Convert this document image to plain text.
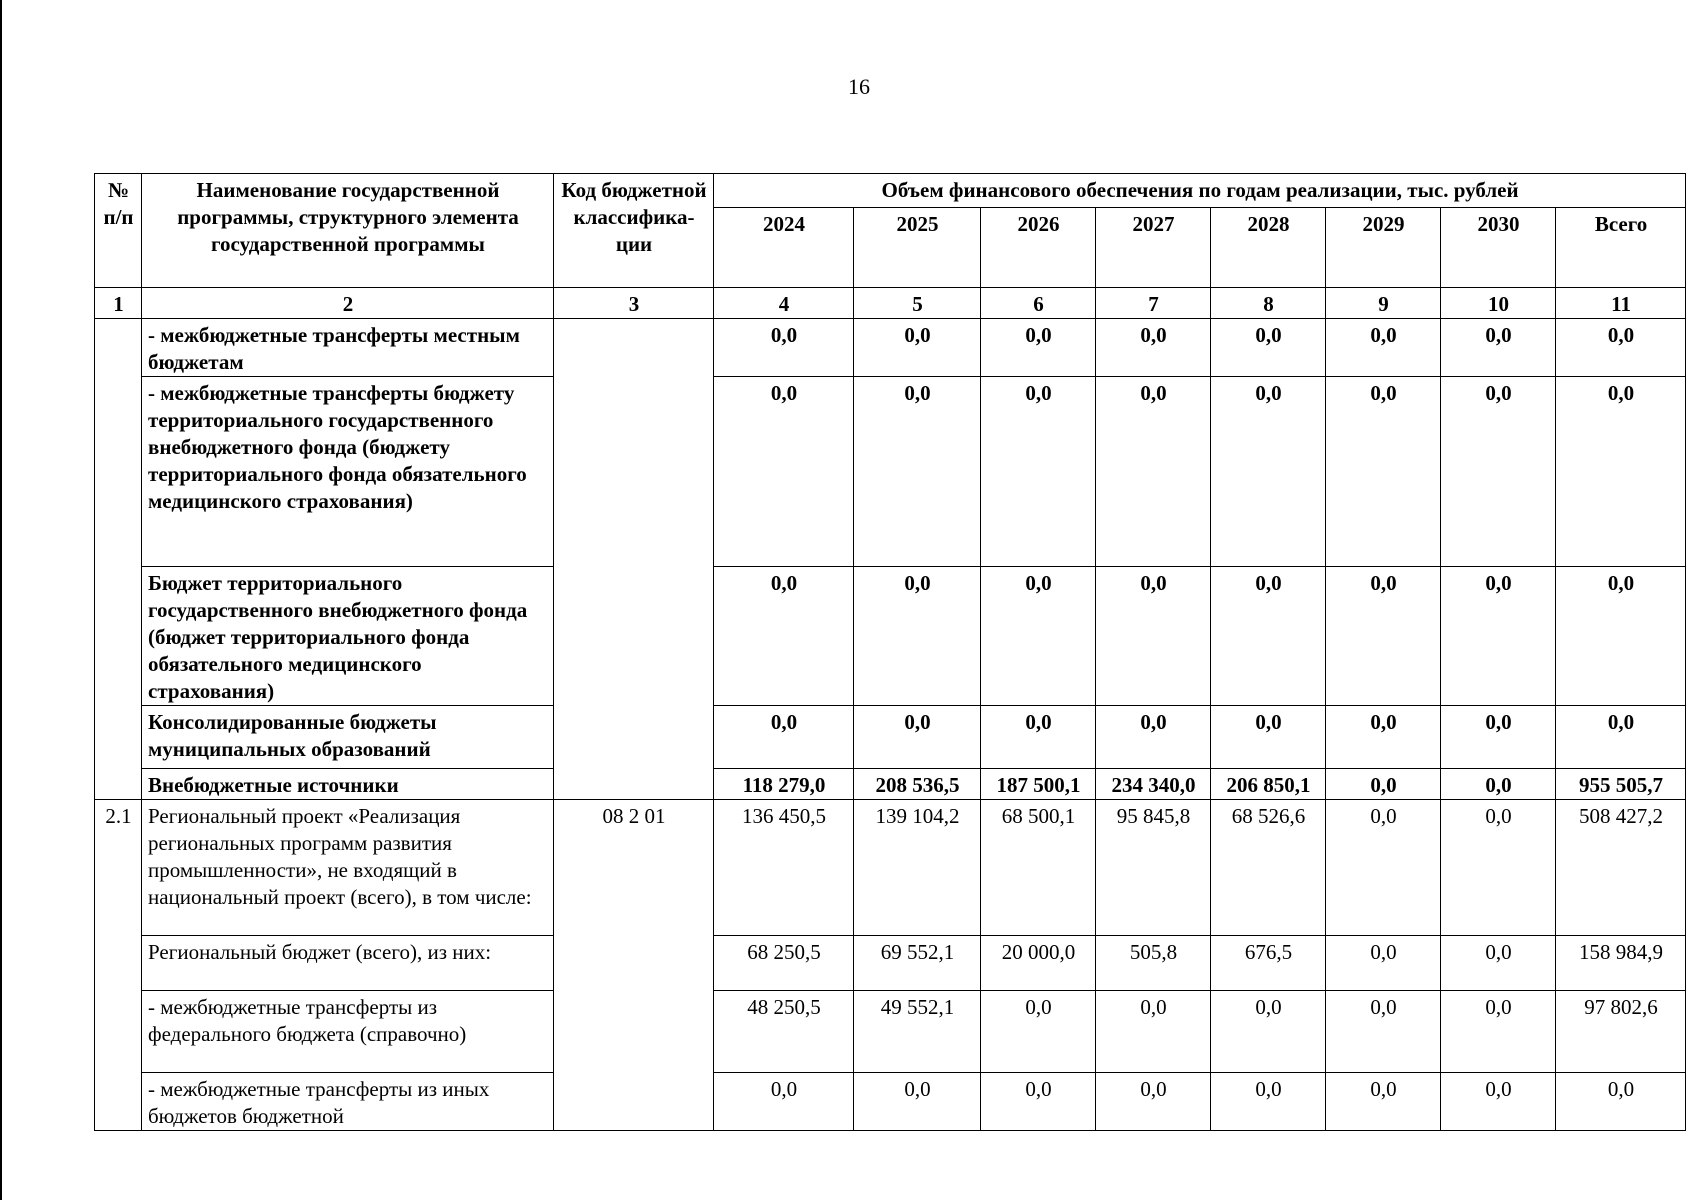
16
№ п/п	Наименование государственной программы, структурного элемента государственной программы	Код бюджетной классифика-ции	Объем финансового обеспечения по годам реализации, тыс. рублей							
			2024	2025	2026	2027	2028	2029	2030	Всего
1	2	3	4	5	6	7	8	9	10	11
	- межбюджетные трансферты местным бюджетам		0,0	0,0	0,0	0,0	0,0	0,0	0,0	0,0
	- межбюджетные трансферты бюджету территориального государственного внебюджетного фонда (бюджету территориального фонда обязательного медицинского страхования)		0,0	0,0	0,0	0,0	0,0	0,0	0,0	0,0
	Бюджет территориального государственного внебюджетного фонда (бюджет территориального фонда обязательного медицинского страхования)		0,0	0,0	0,0	0,0	0,0	0,0	0,0	0,0
	Консолидированные бюджеты муниципальных образований		0,0	0,0	0,0	0,0	0,0	0,0	0,0	0,0
	Внебюджетные источники		118 279,0	208 536,5	187 500,1	234 340,0	206 850,1	0,0	0,0	955 505,7
2.1	Региональный проект «Реализация региональных программ развития промышленности», не входящий в национальный проект (всего), в том числе:	08 2 01	136 450,5	139 104,2	68 500,1	95 845,8	68 526,6	0,0	0,0	508 427,2
	Региональный бюджет (всего), из них:		68 250,5	69 552,1	20 000,0	505,8	676,5	0,0	0,0	158 984,9
	- межбюджетные трансферты из федерального бюджета (справочно)		48 250,5	49 552,1	0,0	0,0	0,0	0,0	0,0	97 802,6
	- межбюджетные трансферты из иных бюджетов бюджетной		0,0	0,0	0,0	0,0	0,0	0,0	0,0	0,0
